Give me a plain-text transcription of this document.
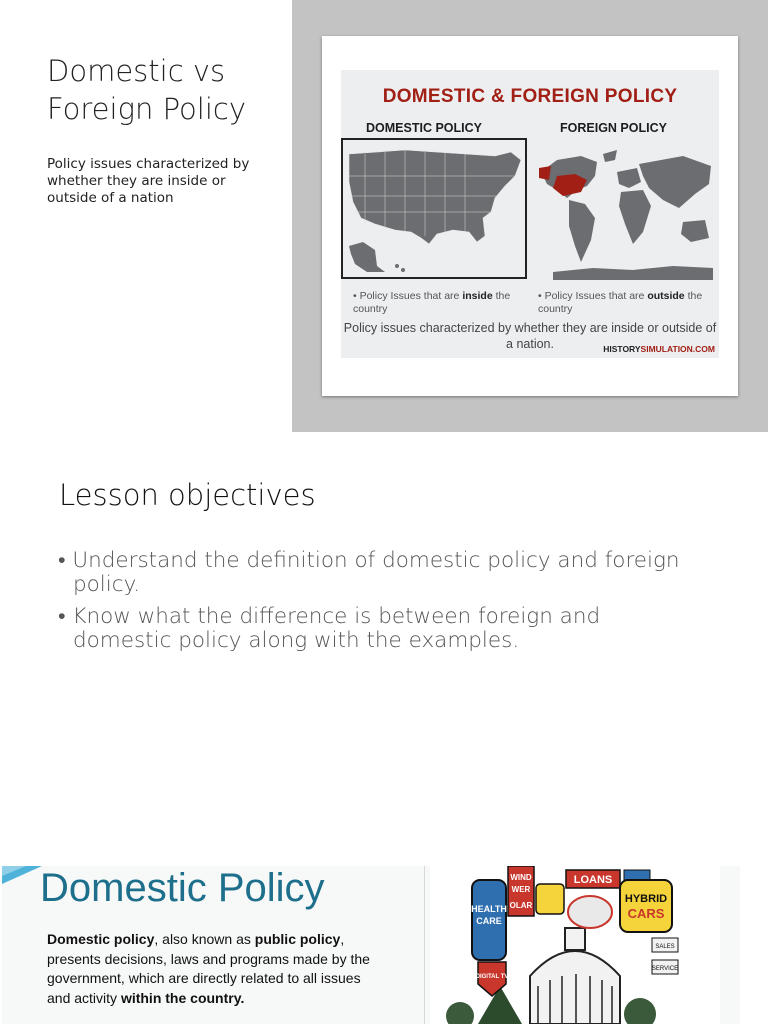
Domestic vs Foreign Policy
Policy issues characterized by whether they are inside or outside of a nation
DOMESTIC & FOREIGN POLICY
DOMESTIC POLICY	FOREIGN POLICY
• Policy Issues that are inside the country
• Policy Issues that are outside the country
Policy issues characterized by whether they are inside or outside of a nation.	HISTORYSIMULATION.COM
Lesson objectives
• Understand the definition of domestic policy and foreign policy.
• Know what the difference is between foreign and domestic policy along with the examples.
Domestic Policy
Domestic policy, also known as public policy, presents decisions, laws and programs made by the government, which are directly related to all issues and activity within the country.
HEALTH
CARE
WIND
WER
OLAR
LOANS
HYBRID
CARS
SALES
SERVICE
DIGITAL TV
